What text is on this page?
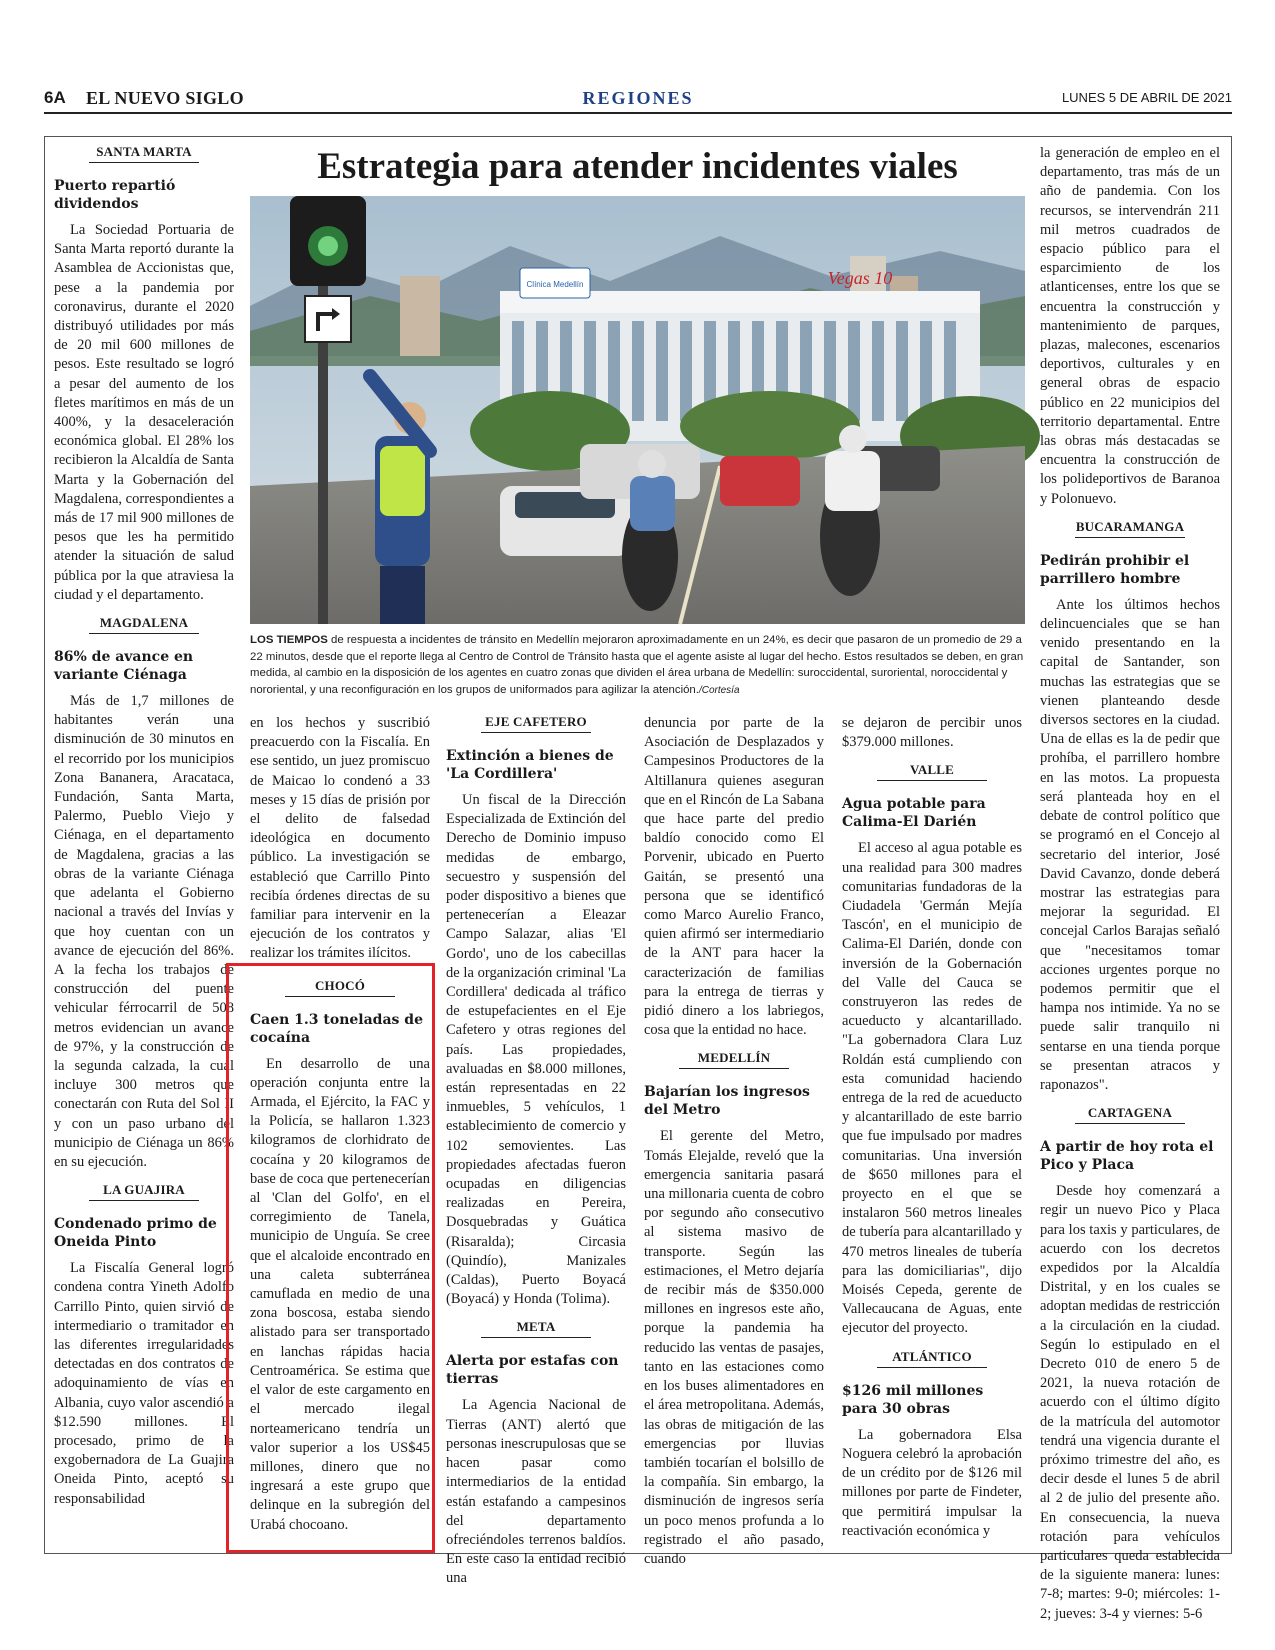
6A EL NUEVO SIGLO	REGIONES	LUNES 5 DE ABRIL DE 2021
SANTA MARTA
Puerto repartió dividendos

La Sociedad Portuaria de Santa Marta reportó durante la Asamblea de Accionistas que, pese a la pandemia por coronavirus, durante el 2020 distribuyó utilidades por más de 20 mil 600 millones de pesos. Este resultado se logró a pesar del aumento de los fletes marítimos en más de un 400%, y la desaceleración económica global. El 28% los recibieron la Alcaldía de Santa Marta y la Gobernación del Magdalena, correspondientes a más de 17 mil 900 millones de pesos que les ha permitido atender la situación de salud pública por la que atraviesa la ciudad y el departamento.

MAGDALENA
86% de avance en variante Ciénaga

Más de 1,7 millones de habitantes verán una disminución de 30 minutos en el recorrido por los municipios Zona Bananera, Aracataca, Fundación, Santa Marta, Palermo, Pueblo Viejo y Ciénaga, en el departamento de Magdalena, gracias a las obras de la variante Ciénaga que adelanta el Gobierno nacional a través del Invías y que hoy cuentan con un avance de ejecución del 86%. A la fecha los trabajos de construcción del puente vehicular férrocarril de 508 metros evidencian un avance de 97%, y la construcción de la segunda calzada, la cual incluye 300 metros que conectarán con Ruta del Sol II y con un paso urbano del municipio de Ciénaga un 86% en su ejecución.

LA GUAJIRA
Condenado primo de Oneida Pinto

La Fiscalía General logró condena contra Yineth Adolfo Carrillo Pinto, quien sirvió de intermediario o tramitador en las diferentes irregularidades detectadas en dos contratos de adoquinamiento de vías en Albania, cuyo valor ascendió a $12.590 millones. El procesado, primo de la exgobernadora de La Guajira Oneida Pinto, aceptó su responsabilidad

Estrategia para atender incidentes viales
Clínica Medellín	Vegas 10
LOS TIEMPOS de respuesta a incidentes de tránsito en Medellín mejoraron aproximadamente en un 24%, es decir que pasaron de un promedio de 29 a 22 minutos, desde que el reporte llega al Centro de Control de Tránsito hasta que el agente asiste al lugar del hecho. Estos resultados se deben, en gran medida, al cambio en la disposición de los agentes en cuatro zonas que dividen el área urbana de Medellín: suroccidental, suroriental, noroccidental y nororiental, y una reconfiguración en los grupos de uniformados para agilizar la atención./Cortesía

en los hechos y suscribió preacuerdo con la Fiscalía. En ese sentido, un juez promiscuo de Maicao lo condenó a 33 meses y 15 días de prisión por el delito de falsedad ideológica en documento público. La investigación se estableció que Carrillo Pinto recibía órdenes directas de su familiar para intervenir en la ejecución de los contratos y realizar los trámites ilícitos.

CHOCÓ
Caen 1.3 toneladas de cocaína

En desarrollo de una operación conjunta entre la Armada, el Ejército, la FAC y la Policía, se hallaron 1.323 kilogramos de clorhidrato de cocaína y 20 kilogramos de base de coca que pertenecerían al 'Clan del Golfo', en el corregimiento de Tanela, municipio de Unguía. Se cree que el alcaloide encontrado en una caleta subterránea camuflada en medio de una zona boscosa, estaba siendo alistado para ser transportado en lanchas rápidas hacia Centroamérica. Se estima que el valor de este cargamento en el mercado ilegal norteamericano tendría un valor superior a los US$45 millones, dinero que no ingresará a este grupo que delinque en la subregión del Urabá chocoano.

EJE CAFETERO
Extinción a bienes de 'La Cordillera'

Un fiscal de la Dirección Especializada de Extinción del Derecho de Dominio impuso medidas de embargo, secuestro y suspensión del poder dispositivo a bienes que pertenecerían a Eleazar Campo Salazar, alias 'El Gordo', uno de los cabecillas de la organización criminal 'La Cordillera' dedicada al tráfico de estupefacientes en el Eje Cafetero y otras regiones del país. Las propiedades, avaluadas en $8.000 millones, están representadas en 22 inmuebles, 5 vehículos, 1 establecimiento de comercio y 102 semovientes. Las propiedades afectadas fueron ocupadas en diligencias realizadas en Pereira, Dosquebradas y Guática (Risaralda); Circasia (Quindío), Manizales (Caldas), Puerto Boyacá (Boyacá) y Honda (Tolima).

META
Alerta por estafas con tierras

La Agencia Nacional de Tierras (ANT) alertó que personas inescrupulosas que se hacen pasar como intermediarios de la entidad están estafando a campesinos del departamento ofreciéndoles terrenos baldíos. En este caso la entidad recibió una

denuncia por parte de la Asociación de Desplazados y Campesinos Productores de la Altillanura quienes aseguran que en el Rincón de La Sabana que hace parte del predio baldío conocido como El Porvenir, ubicado en Puerto Gaitán, se presentó una persona que se identificó como Marco Aurelio Franco, quien afirmó ser intermediario de la ANT para hacer la caracterización de familias para la entrega de tierras y pidió dinero a los labriegos, cosa que la entidad no hace.

MEDELLÍN
Bajarían los ingresos del Metro

El gerente del Metro, Tomás Elejalde, reveló que la emergencia sanitaria pasará una millonaria cuenta de cobro por segundo año consecutivo al sistema masivo de transporte. Según las estimaciones, el Metro dejaría de recibir más de $350.000 millones en ingresos este año, porque la pandemia ha reducido las ventas de pasajes, tanto en las estaciones como en los buses alimentadores en el área metropolitana. Además, las obras de mitigación de las emergencias por lluvias también tocarían el bolsillo de la compañía. Sin embargo, la disminución de ingresos sería un poco menos profunda a lo registrado el año pasado, cuando

se dejaron de percibir unos $379.000 millones.

VALLE
Agua potable para Calima-El Darién

El acceso al agua potable es una realidad para 300 madres comunitarias fundadoras de la Ciudadela 'Germán Mejía Tascón', en el municipio de Calima-El Darién, donde con inversión de la Gobernación del Valle del Cauca se construyeron las redes de acueducto y alcantarillado. "La gobernadora Clara Luz Roldán está cumpliendo con esta comunidad haciendo entrega de la red de acueducto y alcantarillado de este barrio que fue impulsado por madres comunitarias. Una inversión de $650 millones para el proyecto en el que se instalaron 560 metros lineales de tubería para alcantarillado y 470 metros lineales de tubería para las domiciliarias", dijo Moisés Cepeda, gerente de Vallecaucana de Aguas, ente ejecutor del proyecto.

ATLÁNTICO
$126 mil millones para 30 obras

La gobernadora Elsa Noguera celebró la aprobación de un crédito por de $126 mil millones por parte de Findeter, que permitirá impulsar la reactivación económica y

la generación de empleo en el departamento, tras más de un año de pandemia. Con los recursos, se intervendrán 211 mil metros cuadrados de espacio público para el esparcimiento de los atlanticenses, entre los que se encuentra la construcción y mantenimiento de parques, plazas, malecones, escenarios deportivos, culturales y en general obras de espacio público en 22 municipios del territorio departamental. Entre las obras más destacadas se encuentra la construcción de los polideportivos de Baranoa y Polonuevo.

BUCARAMANGA
Pedirán prohibir el parrillero hombre

Ante los últimos hechos delincuenciales que se han venido presentando en la capital de Santander, son muchas las estrategias que se vienen planteando desde diversos sectores en la ciudad. Una de ellas es la de pedir que prohíba, el parrillero hombre en las motos. La propuesta será planteada hoy en el debate de control político que se programó en el Concejo al secretario del interior, José David Cavanzo, donde deberá mostrar las estrategias para mejorar la seguridad. El concejal Carlos Barajas señaló que "necesitamos tomar acciones urgentes porque no podemos permitir que el hampa nos intimide. Ya no se puede salir tranquilo ni sentarse en una tienda porque se presentan atracos y raponazos".

CARTAGENA
A partir de hoy rota el Pico y Placa

Desde hoy comenzará a regir un nuevo Pico y Placa para los taxis y particulares, de acuerdo con los decretos expedidos por la Alcaldía Distrital, y en los cuales se adoptan medidas de restricción a la circulación en la ciudad. Según lo estipulado en el Decreto 010 de enero 5 de 2021, la nueva rotación de acuerdo con el último dígito de la matrícula del automotor tendrá una vigencia durante el próximo trimestre del año, es decir desde el lunes 5 de abril al 2 de julio del presente año. En consecuencia, la nueva rotación para vehículos particulares queda establecida de la siguiente manera: lunes: 7-8; martes: 9-0; miércoles: 1-2; jueves: 3-4 y viernes: 5-6
